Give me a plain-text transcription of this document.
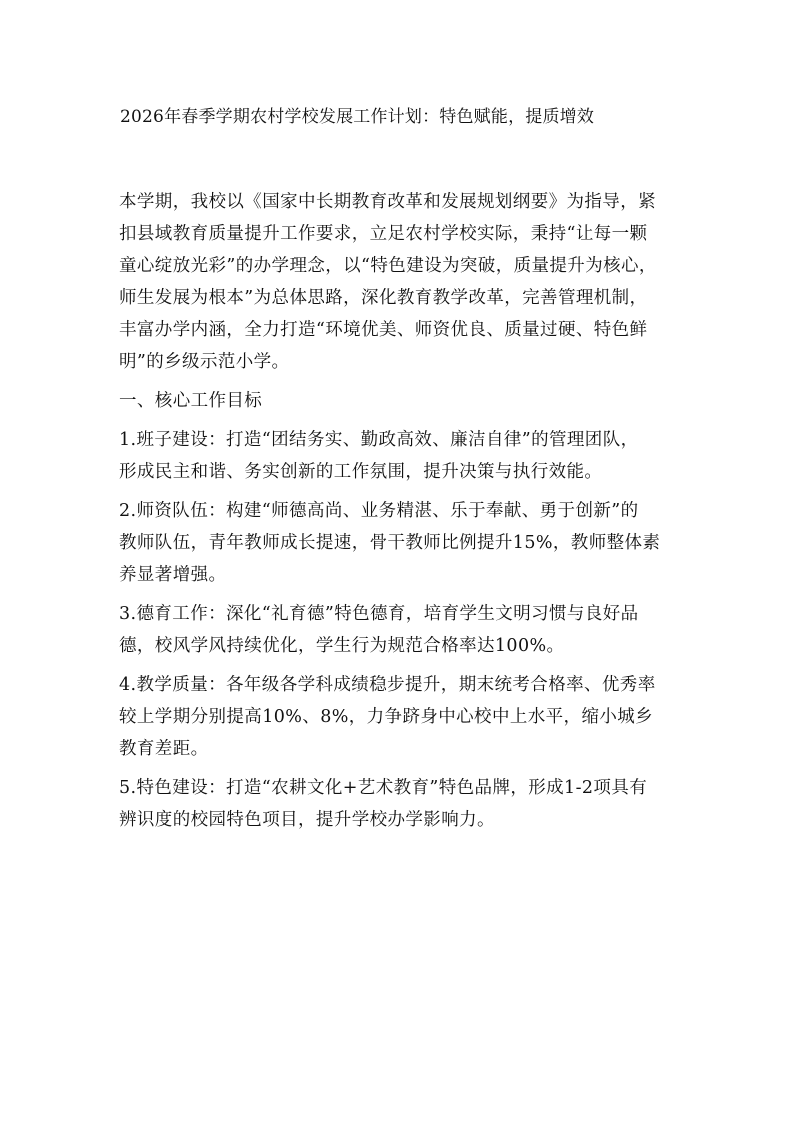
2026年春季学期农村学校发展工作计划：特色赋能，提质增效
本学期，我校以《国家中长期教育改革和发展规划纲要》为指导，紧
扣县域教育质量提升工作要求，立足农村学校实际，秉持“让每一颗
童心绽放光彩”的办学理念，以“特色建设为突破，质量提升为核心，
师生发展为根本”为总体思路，深化教育教学改革，完善管理机制，
丰富办学内涵，全力打造“环境优美、师资优良、质量过硬、特色鲜
明”的乡级示范小学。
一、核心工作目标
1.班子建设：打造“团结务实、勤政高效、廉洁自律”的管理团队，
形成民主和谐、务实创新的工作氛围，提升决策与执行效能。
2.师资队伍：构建“师德高尚、业务精湛、乐于奉献、勇于创新”的
教师队伍，青年教师成长提速，骨干教师比例提升15%，教师整体素
养显著增强。
3.德育工作：深化“礼育德”特色德育，培育学生文明习惯与良好品
德，校风学风持续优化，学生行为规范合格率达100%。
4.教学质量：各年级各学科成绩稳步提升，期末统考合格率、优秀率
较上学期分别提高10%、8%，力争跻身中心校中上水平，缩小城乡
教育差距。
5.特色建设：打造“农耕文化+艺术教育”特色品牌，形成1-2项具有
辨识度的校园特色项目，提升学校办学影响力。
